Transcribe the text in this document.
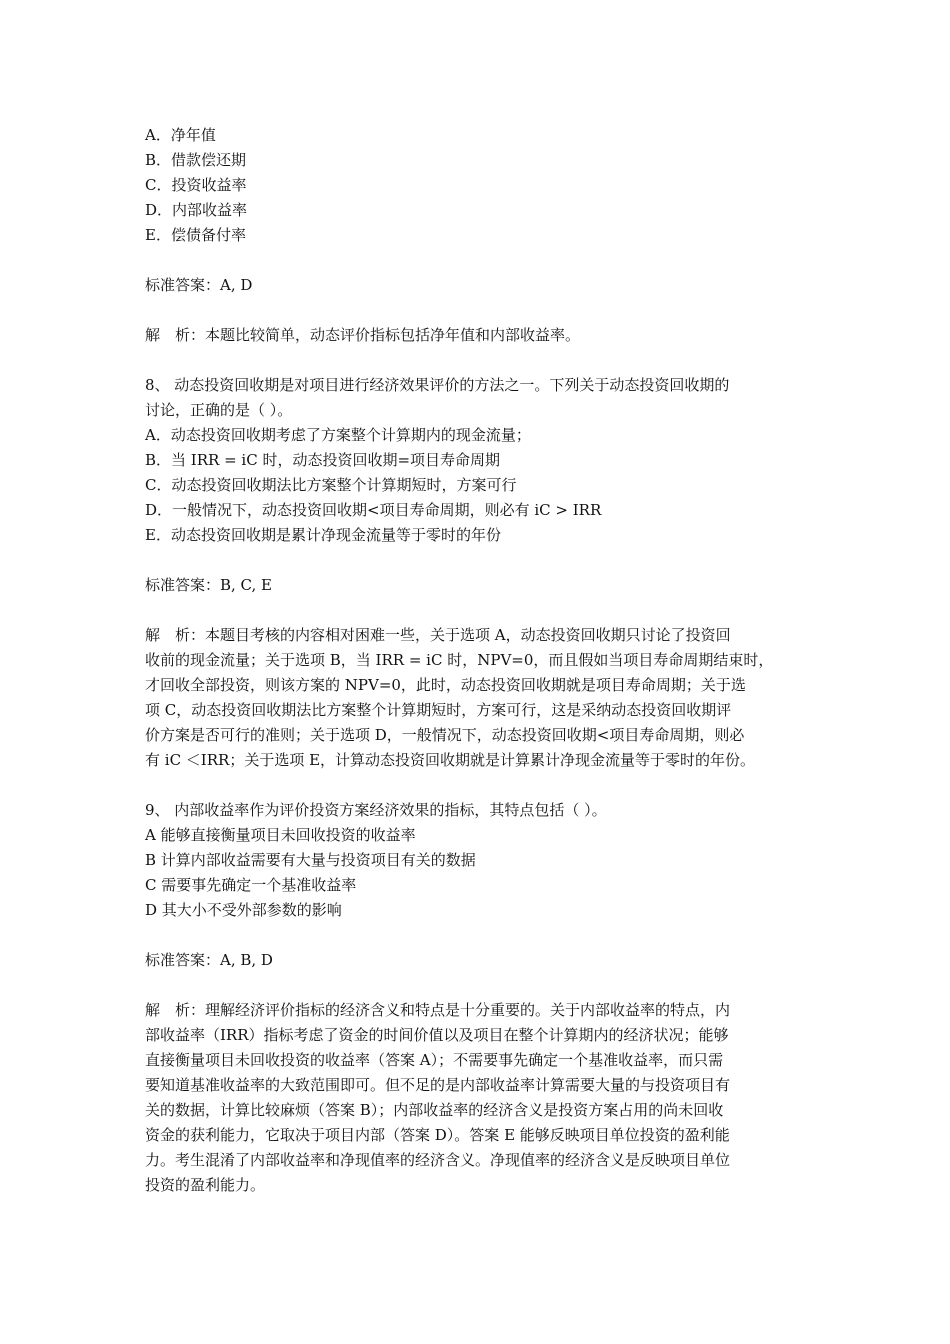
A．净年值
B．借款偿还期
C．投资收益率
D．内部收益率
E．偿债备付率
标准答案：A, D
解　析：本题比较简单，动态评价指标包括净年值和内部收益率。
8、 动态投资回收期是对项目进行经济效果评价的方法之一。下列关于动态投资回收期的
讨论，正确的是（ ）。
A．动态投资回收期考虑了方案整个计算期内的现金流量；
B．当 IRR = iC 时，动态投资回收期=项目寿命周期
C．动态投资回收期法比方案整个计算期短时，方案可行
D．一般情况下，动态投资回收期<项目寿命周期，则必有 iC > IRR
E．动态投资回收期是累计净现金流量等于零时的年份
标准答案：B, C, E
解　析：本题目考核的内容相对困难一些，关于选项 A，动态投资回收期只讨论了投资回
收前的现金流量；关于选项 B，当 IRR = iC 时，NPV=0，而且假如当项目寿命周期结束时，
才回收全部投资，则该方案的 NPV=0，此时，动态投资回收期就是项目寿命周期；关于选
项 C，动态投资回收期法比方案整个计算期短时，方案可行，这是采纳动态投资回收期评
价方案是否可行的准则；关于选项 D，一般情况下，动态投资回收期<项目寿命周期，则必
有 iC ＜IRR；关于选项 E，计算动态投资回收期就是计算累计净现金流量等于零时的年份。
9、 内部收益率作为评价投资方案经济效果的指标，其特点包括（ ）。
A 能够直接衡量项目未回收投资的收益率
B 计算内部收益需要有大量与投资项目有关的数据
C 需要事先确定一个基准收益率
D 其大小不受外部参数的影响
标准答案：A, B, D
解　析：理解经济评价指标的经济含义和特点是十分重要的。关于内部收益率的特点，内
部收益率（IRR）指标考虑了资金的时间价值以及项目在整个计算期内的经济状况；能够
直接衡量项目未回收投资的收益率（答案 A）；不需要事先确定一个基准收益率，而只需
要知道基准收益率的大致范围即可。但不足的是内部收益率计算需要大量的与投资项目有
关的数据，计算比较麻烦（答案 B）；内部收益率的经济含义是投资方案占用的尚未回收
资金的获利能力，它取决于项目内部（答案 D）。答案 E 能够反映项目单位投资的盈利能
力。考生混淆了内部收益率和净现值率的经济含义。净现值率的经济含义是反映项目单位
投资的盈利能力。
